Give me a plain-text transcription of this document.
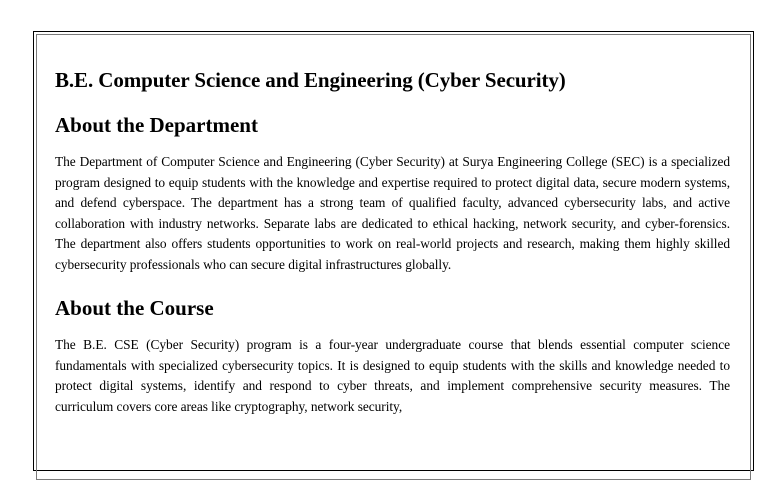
B.E. Computer Science and Engineering (Cyber Security)
About the Department

The Department of Computer Science and Engineering (Cyber Security) at Surya Engineering College (SEC) is a specialized program designed to equip students with the knowledge and expertise required to protect digital data, secure modern systems, and defend cyberspace. The department has a strong team of qualified faculty, advanced cybersecurity labs, and active collaboration with industry networks. Separate labs are dedicated to ethical hacking, network security, and cyber-forensics. The department also offers students opportunities to work on real-world projects and research, making them highly skilled cybersecurity professionals who can secure digital infrastructures globally.

About the Course

The B.E. CSE (Cyber Security) program is a four-year undergraduate course that blends essential computer science fundamentals with specialized cybersecurity topics. It is designed to equip students with the skills and knowledge needed to protect digital systems, identify and respond to cyber threats, and implement comprehensive security measures. The curriculum covers core areas like cryptography, network security,
